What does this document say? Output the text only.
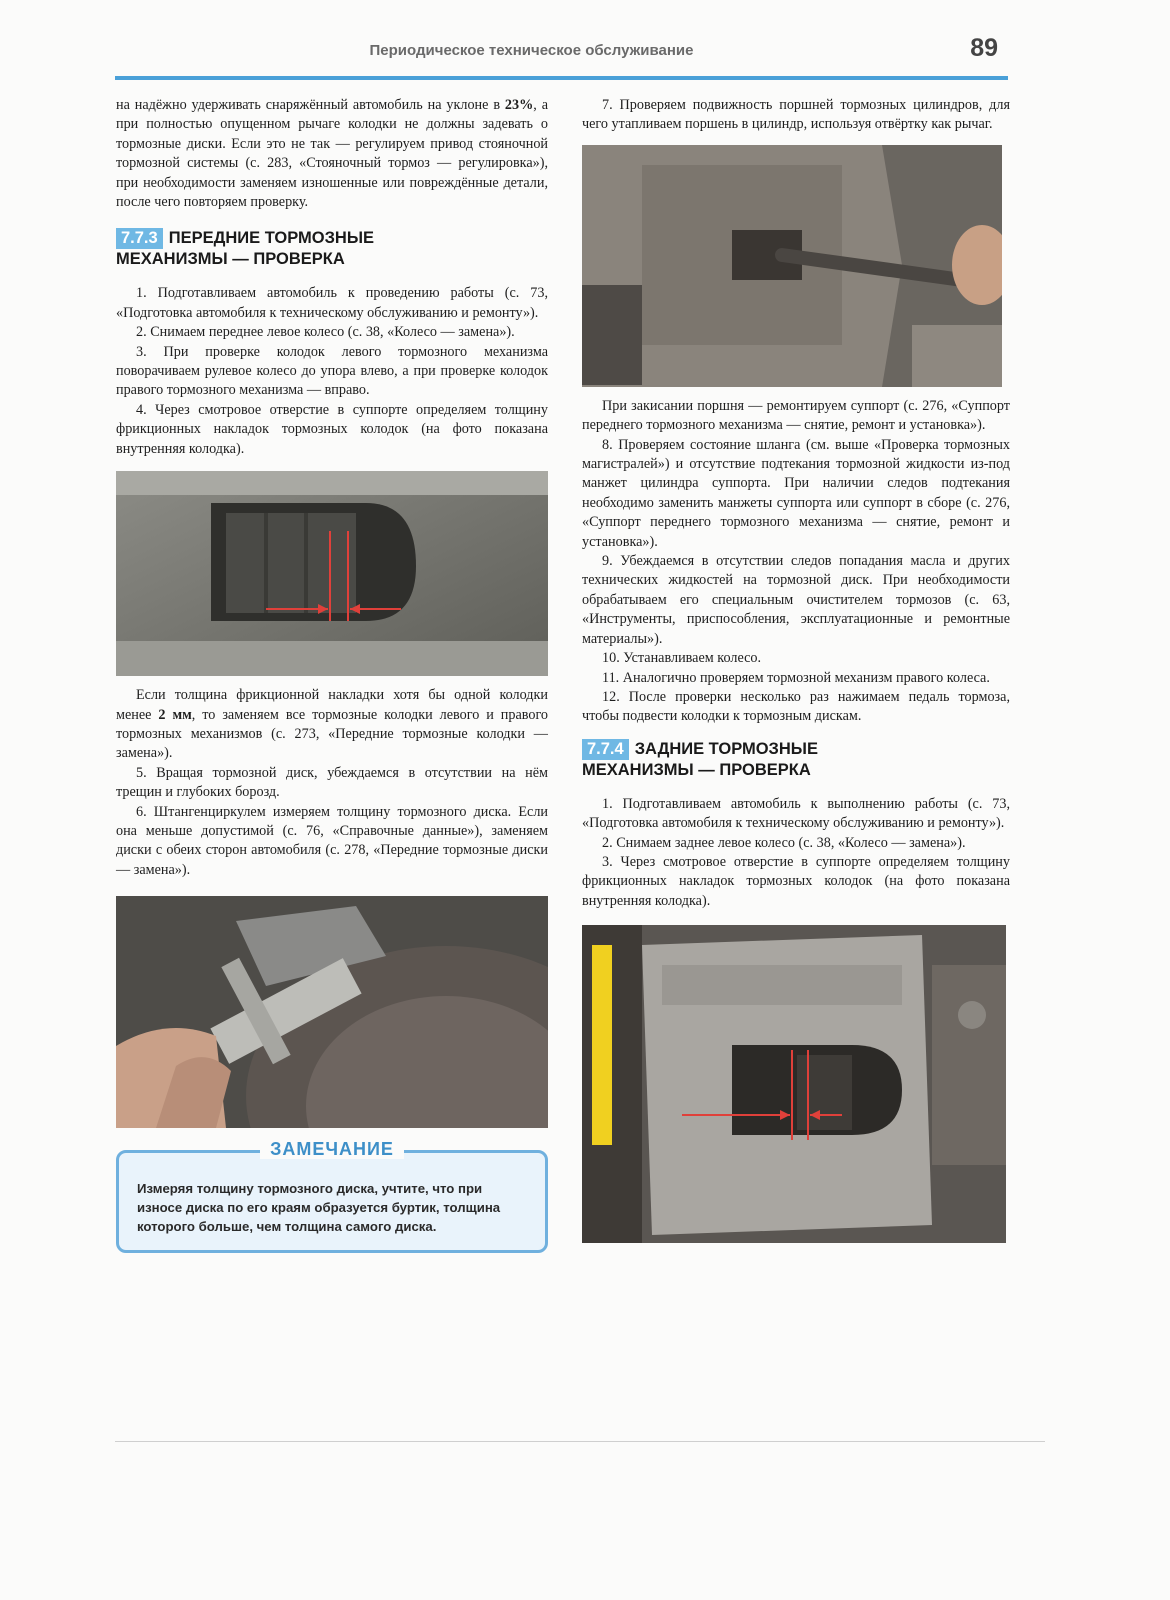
Периодическое техническое обслуживание	89

на надёжно удерживать снаряжённый автомобиль на уклоне в 23%, а при полностью опущенном рычаге колодки не должны задевать о тормозные диски. Если это не так — регулируем привод стояночной тормозной системы (с. 283, «Стояночный тормоз — регулировка»), при необходимости заменяем изношенные или повреждённые детали, после чего повторяем проверку.

7.7.3 ПЕРЕДНИЕ ТОРМОЗНЫЕ
МЕХАНИЗМЫ — ПРОВЕРКА

1. Подготавливаем автомобиль к проведению работы (с. 73, «Подготовка автомобиля к техническому обслуживанию и ремонту»).

2. Снимаем переднее левое колесо (с. 38, «Колесо — замена»).

3. При проверке колодок левого тормозного механизма поворачиваем рулевое колесо до упора влево, а при проверке колодок правого тормозного механизма — вправо.

4. Через смотровое отверстие в суппорте определяем толщину фрикционных накладок тормозных колодок (на фото показана внутренняя колодка).

Если толщина фрикционной накладки хотя бы одной колодки менее 2 мм, то заменяем все тормозные колодки левого и правого тормозных механизмов (с. 273, «Передние тормозные колодки — замена»).

5. Вращая тормозной диск, убеждаемся в отсутствии на нём трещин и глубоких борозд.

6. Штангенциркулем измеряем толщину тормозного диска. Если она меньше допустимой (с. 76, «Справочные данные»), заменяем диски с обеих сторон автомобиля (с. 278, «Передние тормозные диски — замена»).

ЗАМЕЧАНИЕ

Измеряя толщину тормозного диска, учтите, что при износе диска по его краям образуется буртик, толщина которого больше, чем толщина самого диска.

7. Проверяем подвижность поршней тормозных цилиндров, для чего утапливаем поршень в цилиндр, используя отвёртку как рычаг.

При закисании поршня — ремонтируем суппорт (с. 276, «Суппорт переднего тормозного механизма — снятие, ремонт и установка»).

8. Проверяем состояние шланга (см. выше «Проверка тормозных магистралей») и отсутствие подтекания тормозной жидкости из-под манжет цилиндра суппорта. При наличии следов подтекания необходимо заменить манжеты суппорта или суппорт в сборе (с. 276, «Суппорт переднего тормозного механизма — снятие, ремонт и установка»).

9. Убеждаемся в отсутствии следов попадания масла и других технических жидкостей на тормозной диск. При необходимости обрабатываем его специальным очистителем тормозов (с. 63, «Инструменты, приспособления, эксплуатационные и ремонтные материалы»).

10. Устанавливаем колесо.

11. Аналогично проверяем тормозной механизм правого колеса.

12. После проверки несколько раз нажимаем педаль тормоза, чтобы подвести колодки к тормозным дискам.

7.7.4 ЗАДНИЕ ТОРМОЗНЫЕ
МЕХАНИЗМЫ — ПРОВЕРКА

1. Подготавливаем автомобиль к выполнению работы (с. 73, «Подготовка автомобиля к техническому обслуживанию и ремонту»).

2. Снимаем заднее левое колесо (с. 38, «Колесо — замена»).

3. Через смотровое отверстие в суппорте определяем толщину фрикционных накладок тормозных колодок (на фото показана внутренняя колодка).
